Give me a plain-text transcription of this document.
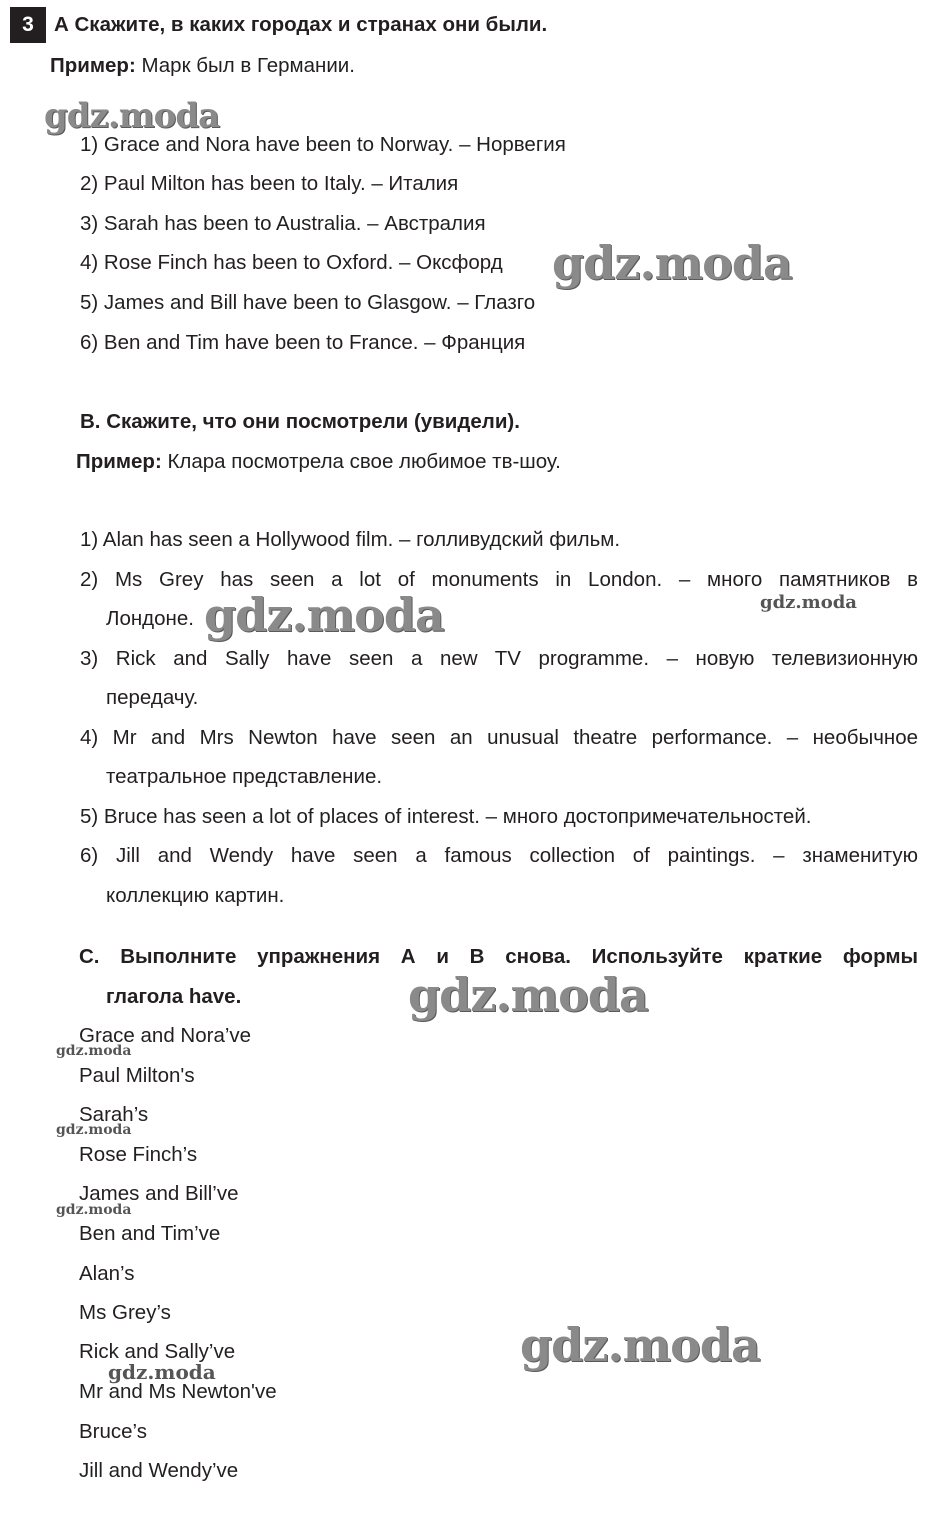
3 А Скажите, в каких городах и странах они были.
Пример: Марк был в Германии.
1) Grace and Nora have been to Norway. – Норвегия
2) Paul Milton has been to Italy. – Италия
3) Sarah has been to Australia. – Австралия
4) Rose Finch has been to Oxford. – Оксфорд
5) James and Bill have been to Glasgow. – Глазго
6) Ben and Tim have been to France. – Франция
B. Скажите, что они посмотрели (увидели).
Пример: Клара посмотрела свое любимое тв-шоу.
1) Alan has seen a Hollywood film. – голливудский фильм.
2) Ms Grey has seen a lot of monuments in London. – много памятников в
Лондоне.
3) Rick and Sally have seen a new TV programme. – новую телевизионную
передачу.
4) Mr and Mrs Newton have seen an unusual theatre performance. – необычное
театральное представление.
5) Bruce has seen a lot of places of interest. – много достопримечательностей.
6) Jill and Wendy have seen a famous collection of paintings. – знаменитую
коллекцию картин.
C. Выполните упражнения А и В снова. Используйте краткие формы
глагола have.
Grace and Nora’ve
Paul Milton's
Sarah’s
Rose Finch’s
James and Bill’ve
Ben and Tim’ve
Alan’s
Ms Grey’s
Rick and Sally’ve
Mr and Ms Newton've
Bruce’s
Jill and Wendy’ve
gdz.moda
gdz.moda
gdz.moda	gdz.moda
gdz.moda
gdz.moda
gdz.moda
gdz.moda
gdz.moda
gdz.moda
